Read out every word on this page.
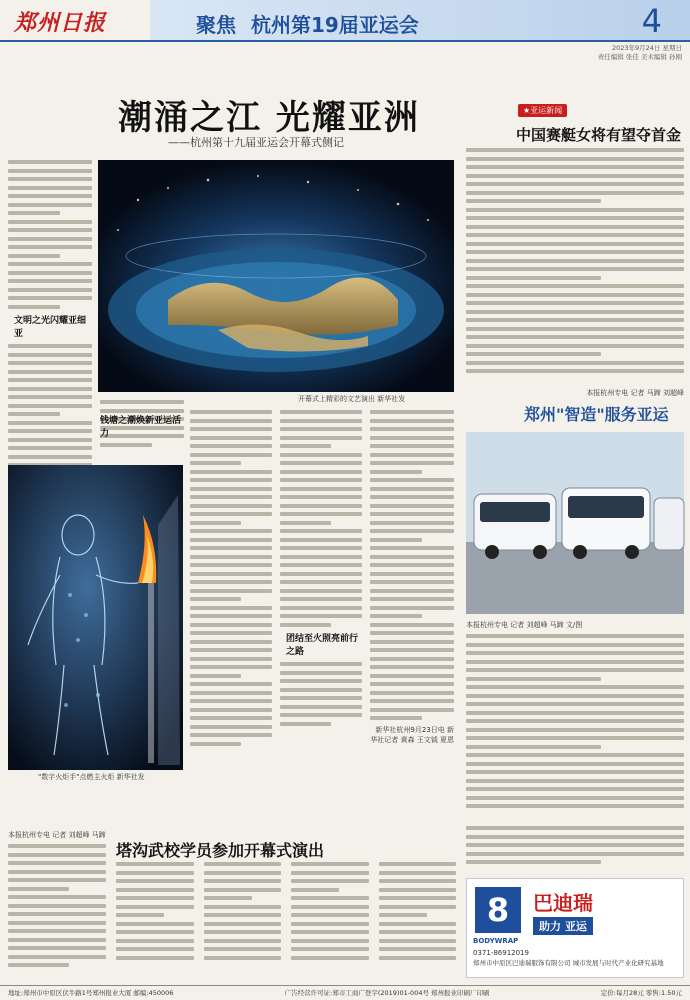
郑州日报	聚焦 杭州第19届亚运会	4
2023年9月24日 星期日
责任编辑 张佳 美术编辑 孙刚
潮涌之江 光耀亚洲
——杭州第十九届亚运会开幕式侧记
文明之光闪耀亚细亚
开幕式上精彩的文艺演出 新华社发
"数字火炬手"点燃主火炬 新华社发
团结至火照亮前行之路
新华社杭州9月23日电 新华社记者 黄森 王文钺 夏恩
钱塘之潮焕新亚运活力
★亚运新闻
中国赛艇女将有望夺首金
本报杭州专电 记者 马蹄 刘超峰
郑州"智造"服务亚运
本报杭州专电 记者 刘超峰 马蹄 文/图
塔沟武校学员参加开幕式演出
本报杭州专电 记者 刘超峰 马蹄
8
BODYWRAP
巴迪瑞
助力 亚运
0371-86912019
郑州市中原区巴迪瑞服饰有限公司 城市发展与时代产业化研究基地
地址:郑州市中原区伏牛路1号郑州报业大厦 邮编:450006	广告经营许可证:郑市工商广登字(2019)01-004号 郑州报业印刷厂印刷	定价:每月28元 零售:1.50元
